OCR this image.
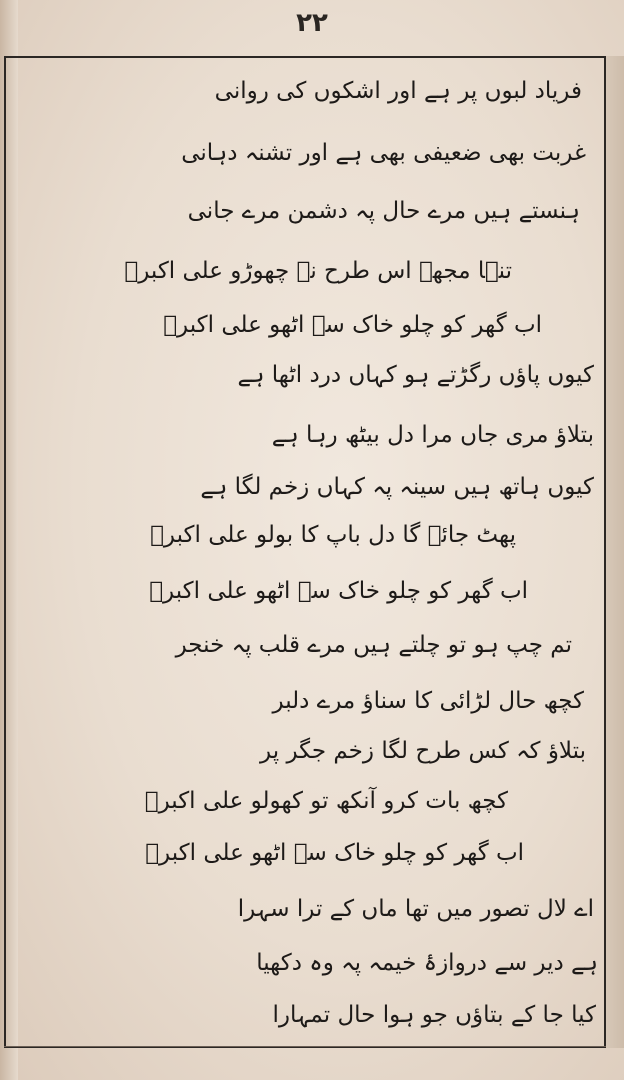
۲۲
فریاد لبوں پر ہے اور اشکوں کی روانی
غربت بھی ضعیفی بھی ہے اور تشنہ دہانی
ہنستے ہیں مرے حال پہ دشمن مرے جانی
تنہا مجھے اس طرح نہ چھوڑو علی اکبرؑ
اب گھر کو چلو خاک سے اٹھو علی اکبرؑ
کیوں پاؤں رگڑتے ہو کہاں درد اٹھا ہے
بتلاؤ مری جاں مرا دل بیٹھ رہا ہے
کیوں ہاتھ ہیں سینہ پہ کہاں زخم لگا ہے
پھٹ جائے گا دل باپ کا بولو علی اکبرؑ
اب گھر کو چلو خاک سے اٹھو علی اکبرؑ
تم چپ ہو تو چلتے ہیں مرے قلب پہ خنجر
کچھ حال لڑائی کا سناؤ مرے دلبر
بتلاؤ کہ کس طرح لگا زخم جگر پر
کچھ بات کرو آنکھ تو کھولو علی اکبرؑ
اب گھر کو چلو خاک سے اٹھو علی اکبرؑ
اے لال تصور میں تھا ماں کے ترا سہرا
ہے دیر سے دروازۂ خیمہ پہ وہ دکھیا
کیا جا کے بتاؤں جو ہوا حال تمہارا
